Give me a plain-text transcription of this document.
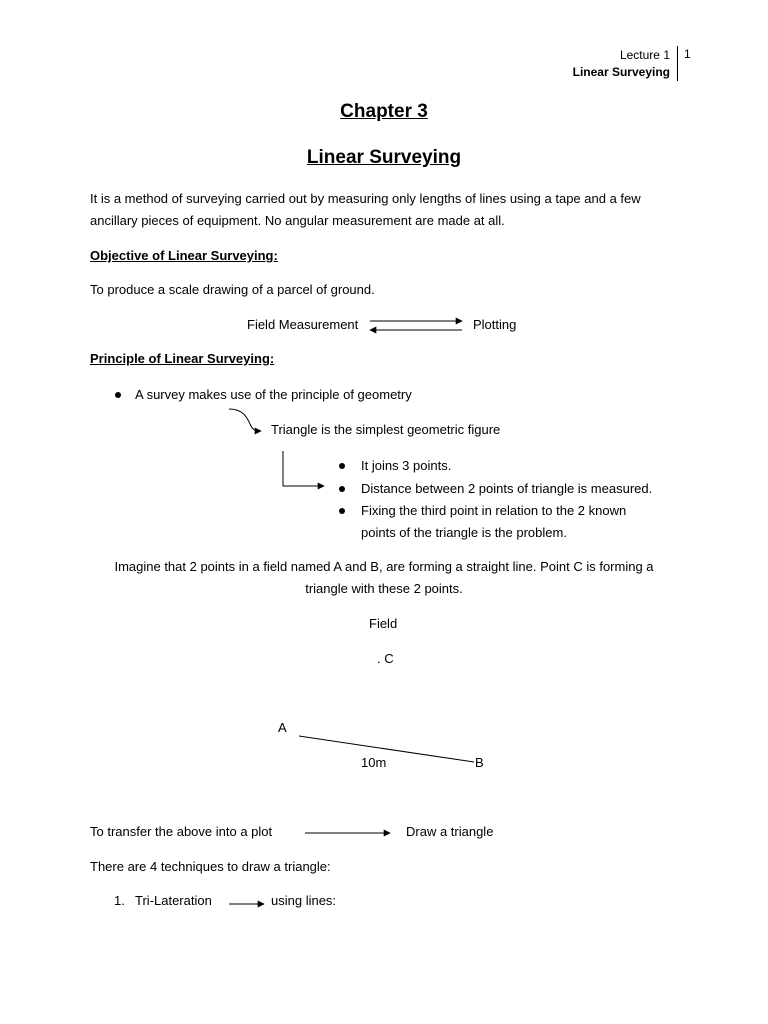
Lecture 1
Linear Surveying
1
Chapter 3
Linear Surveying
It is a method of surveying carried out by measuring only lengths of lines using a tape and a few ancillary pieces of equipment. No angular measurement are made at all.
Objective of Linear Surveying:
To produce a scale drawing of a parcel of ground.
Field Measurement	Plotting
Principle of Linear Surveying:
A survey makes use of the principle of geometry
Triangle is the simplest geometric figure
It joins 3 points.
Distance between 2 points of triangle is measured.
Fixing the third point in relation to the 2 known
points of the triangle is the problem.
Imagine that 2 points in a field named A and B, are forming a straight line. Point C is forming a
triangle with these 2 points.
Field
. C
A
B
10m
To transfer the above into a plot	Draw a triangle
There are 4 techniques to draw a triangle:
1. Tri-Lateration	using lines:
